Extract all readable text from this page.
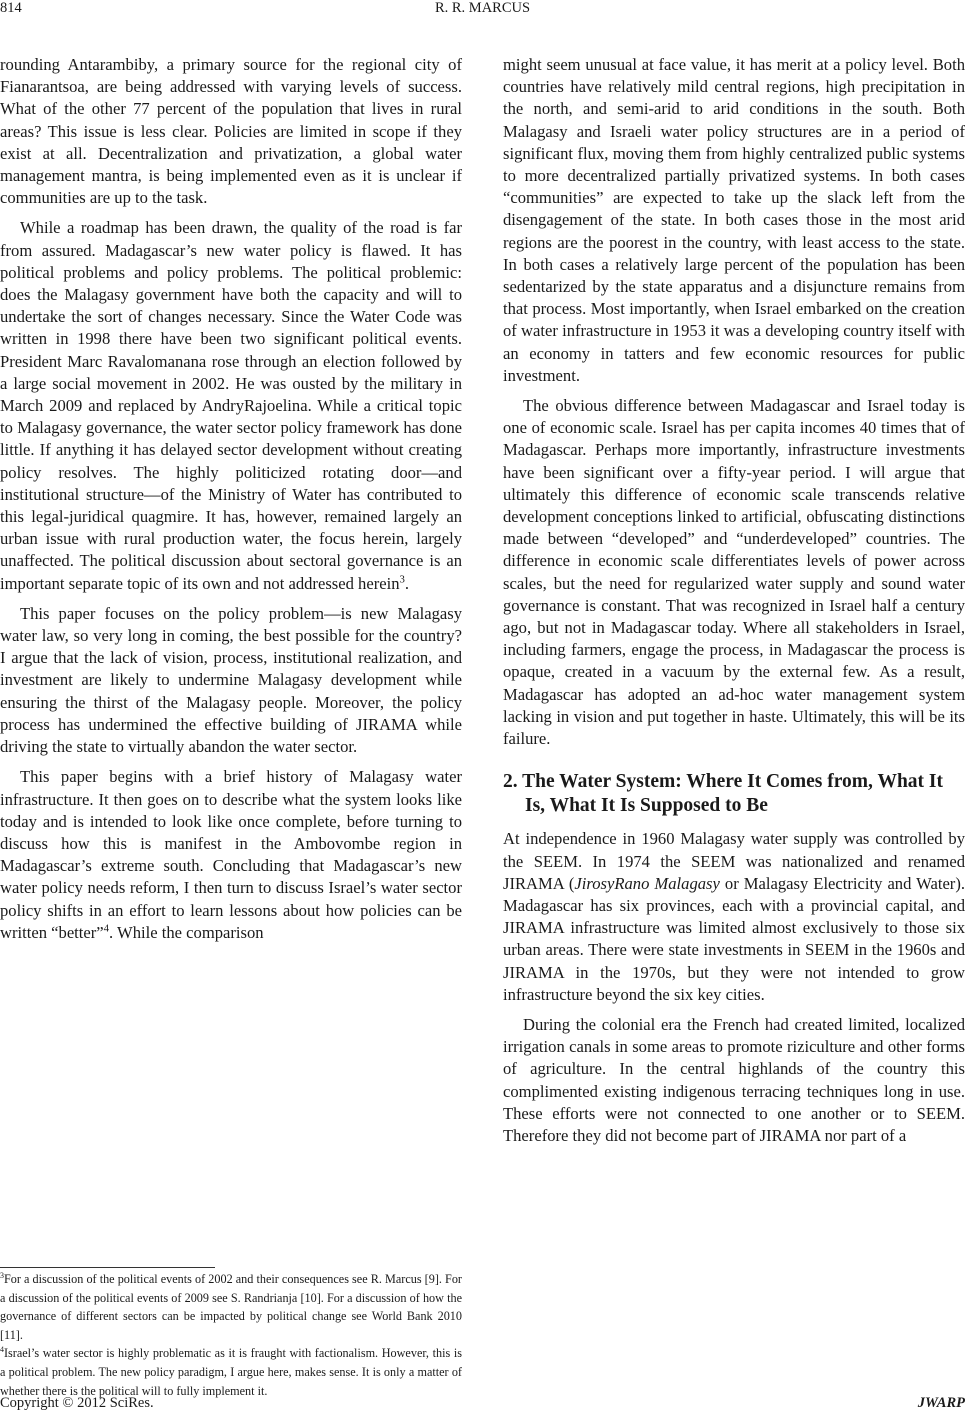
814	R. R. MARCUS

rounding Antarambiby, a primary source for the regional city of Fianarantsoa, are being addressed with varying levels of success. What of the other 77 percent of the population that lives in rural areas? This issue is less clear. Policies are limited in scope if they exist at all. Decentralization and privatization, a global water management mantra, is being implemented even as it is unclear if communities are up to the task.

While a roadmap has been drawn, the quality of the road is far from assured. Madagascar’s new water policy is flawed. It has political problems and policy problems. The political problemic: does the Malagasy government have both the capacity and will to undertake the sort of changes necessary. Since the Water Code was written in 1998 there have been two significant political events. President Marc Ravalomanana rose through an election followed by a large social movement in 2002. He was ousted by the military in March 2009 and replaced by AndryRajoelina. While a critical topic to Malagasy governance, the water sector policy framework has done little. If anything it has delayed sector development without creating policy resolves. The highly politicized rotating door—and institutional structure—of the Ministry of Water has contributed to this legal-juridical quagmire. It has, however, remained largely an urban issue with rural production water, the focus herein, largely unaffected. The political discussion about sectoral governance is an important separate topic of its own and not addressed herein$^3$.

This paper focuses on the policy problem—is new Malagasy water law, so very long in coming, the best possible for the country? I argue that the lack of vision, process, institutional realization, and investment are likely to undermine Malagasy development while ensuring the thirst of the Malagasy people. Moreover, the policy process has undermined the effective building of JIRAMA while driving the state to virtually abandon the water sector.

This paper begins with a brief history of Malagasy water infrastructure. It then goes on to describe what the system looks like today and is intended to look like once complete, before turning to discuss how this is manifest in the Ambovombe region in Madagascar’s extreme south. Concluding that Madagascar’s new water policy needs reform, I then turn to discuss Israel’s water sector policy shifts in an effort to learn lessons about how policies can be written “better”$^4$. While the comparison

$^3$For a discussion of the political events of 2002 and their consequences see R. Marcus [9]. For a discussion of the political events of 2009 see S. Randrianja [10]. For a discussion of how the governance of different sectors can be impacted by political change see World Bank 2010 [11].

$^4$Israel’s water sector is highly problematic as it is fraught with factionalism. However, this is a political problem. The new policy paradigm, I argue here, makes sense. It is only a matter of whether there is the political will to fully implement it.

might seem unusual at face value, it has merit at a policy level. Both countries have relatively mild central regions, high precipitation in the north, and semi-arid to arid conditions in the south. Both Malagasy and Israeli water policy structures are in a period of significant flux, moving them from highly centralized public systems to more decentralized partially privatized systems. In both cases “communities” are expected to take up the slack left from the disengagement of the state. In both cases those in the most arid regions are the poorest in the country, with least access to the state. In both cases a relatively large percent of the population has been sedentarized by the state apparatus and a disjuncture remains from that process. Most importantly, when Israel embarked on the creation of water infrastructure in 1953 it was a developing country itself with an economy in tatters and few economic resources for public investment.

The obvious difference between Madagascar and Israel today is one of economic scale. Israel has per capita incomes 40 times that of Madagascar. Perhaps more importantly, infrastructure investments have been significant over a fifty-year period. I will argue that ultimately this difference of economic scale transcends relative development conceptions linked to artificial, obfuscating distinctions made between “developed” and “underdeveloped” countries. The difference in economic scale differentiates levels of power across scales, but the need for regularized water supply and sound water governance is constant. That was recognized in Israel half a century ago, but not in Madagascar today. Where all stakeholders in Israel, including farmers, engage the process, in Madagascar the process is opaque, created in a vacuum by the external few. As a result, Madagascar has adopted an ad-hoc water management system lacking in vision and put together in haste. Ultimately, this will be its failure.

2. The Water System: Where It Comes from, What It Is, What It Is Supposed to Be

At independence in 1960 Malagasy water supply was controlled by the SEEM. In 1974 the SEEM was nationalized and renamed JIRAMA (JirosyRano Malagasy or Malagasy Electricity and Water). Madagascar has six provinces, each with a provincial capital, and JIRAMA infrastructure was limited almost exclusively to those six urban areas. There were state investments in SEEM in the 1960s and JIRAMA in the 1970s, but they were not intended to grow infrastructure beyond the six key cities.

During the colonial era the French had created limited, localized irrigation canals in some areas to promote riziculture and other forms of agriculture. In the central highlands of the country this complimented existing indigenous terracing techniques long in use. These efforts were not connected to one another or to SEEM. Therefore they did not become part of JIRAMA nor part of a

Copyright © 2012 SciRes.	JWARP
